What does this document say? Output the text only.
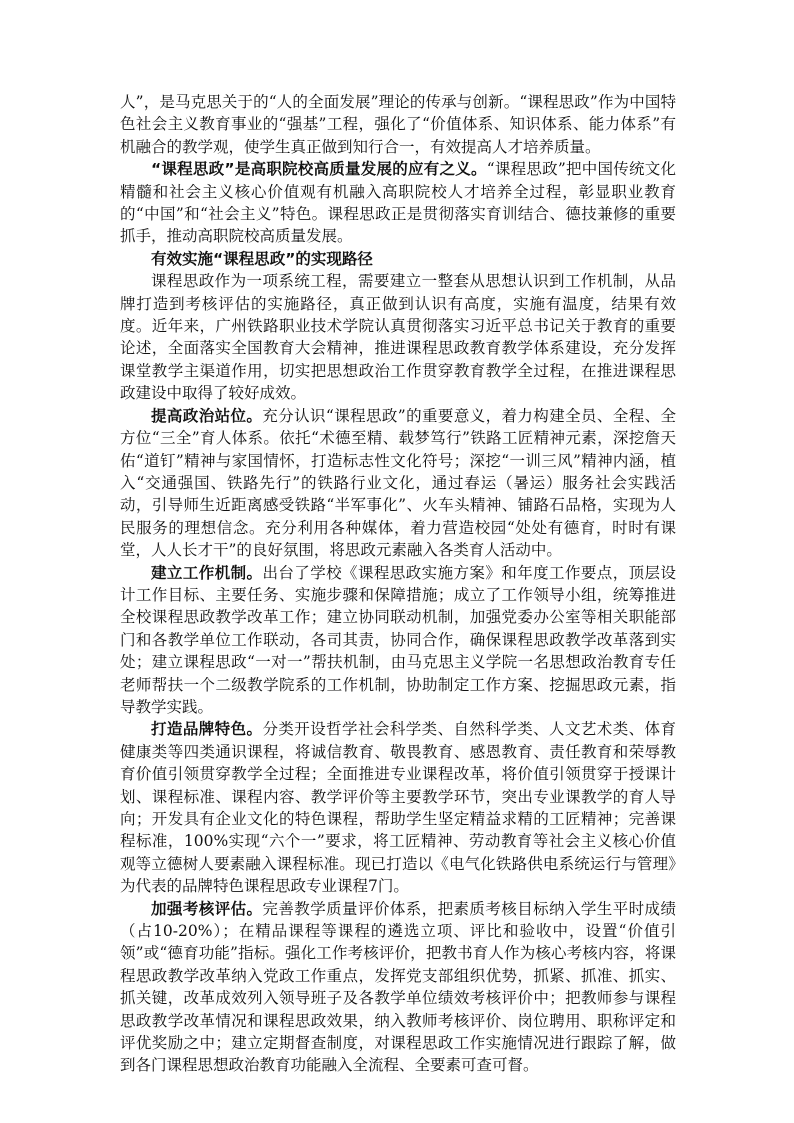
人”，是马克思关于的“人的全面发展”理论的传承与创新。“课程思政”作为中国特色社会主义教育事业的“强基”工程，强化了“价值体系、知识体系、能力体系”有机融合的教学观，使学生真正做到知行合一，有效提高人才培养质量。

“课程思政”是高职院校高质量发展的应有之义。“课程思政”把中国传统文化精髓和社会主义核心价值观有机融入高职院校人才培养全过程，彰显职业教育的“中国”和“社会主义”特色。课程思政正是贯彻落实育训结合、德技兼修的重要抓手，推动高职院校高质量发展。

有效实施“课程思政”的实现路径

课程思政作为一项系统工程，需要建立一整套从思想认识到工作机制，从品牌打造到考核评估的实施路径，真正做到认识有高度，实施有温度，结果有效度。近年来，广州铁路职业技术学院认真贯彻落实习近平总书记关于教育的重要论述，全面落实全国教育大会精神，推进课程思政教育教学体系建设，充分发挥课堂教学主渠道作用，切实把思想政治工作贯穿教育教学全过程，在推进课程思政建设中取得了较好成效。

提高政治站位。充分认识“课程思政”的重要意义，着力构建全员、全程、全方位“三全”育人体系。依托“术德至精、载梦笃行”铁路工匠精神元素，深挖詹天佑“道钉”精神与家国情怀，打造标志性文化符号；深挖“一训三风”精神内涵，植入“交通强国、铁路先行”的铁路行业文化，通过春运（暑运）服务社会实践活动，引导师生近距离感受铁路“半军事化”、火车头精神、铺路石品格，实现为人民服务的理想信念。充分利用各种媒体，着力营造校园“处处有德育，时时有课堂，人人长才干”的良好氛围，将思政元素融入各类育人活动中。

建立工作机制。出台了学校《课程思政实施方案》和年度工作要点，顶层设计工作目标、主要任务、实施步骤和保障措施；成立了工作领导小组，统筹推进全校课程思政教学改革工作；建立协同联动机制，加强党委办公室等相关职能部门和各教学单位工作联动，各司其责，协同合作，确保课程思政教学改革落到实处；建立课程思政“一对一”帮扶机制，由马克思主义学院一名思想政治教育专任老师帮扶一个二级教学院系的工作机制，协助制定工作方案、挖掘思政元素，指导教学实践。

打造品牌特色。分类开设哲学社会科学类、自然科学类、人文艺术类、体育健康类等四类通识课程，将诚信教育、敬畏教育、感恩教育、责任教育和荣辱教育价值引领贯穿教学全过程；全面推进专业课程改革，将价值引领贯穿于授课计划、课程标准、课程内容、教学评价等主要教学环节，突出专业课教学的育人导向；开发具有企业文化的特色课程，帮助学生坚定精益求精的工匠精神；完善课程标准，100%实现“六个一”要求，将工匠精神、劳动教育等社会主义核心价值观等立德树人要素融入课程标准。现已打造以《电气化铁路供电系统运行与管理》为代表的品牌特色课程思政专业课程7门。

加强考核评估。完善教学质量评价体系，把素质考核目标纳入学生平时成绩（占10-20%）；在精品课程等课程的遴选立项、评比和验收中，设置“价值引领”或“德育功能”指标。强化工作考核评价，把教书育人作为核心考核内容，将课程思政教学改革纳入党政工作重点，发挥党支部组织优势，抓紧、抓准、抓实、抓关键，改革成效列入领导班子及各教学单位绩效考核评价中；把教师参与课程思政教学改革情况和课程思政效果，纳入教师考核评价、岗位聘用、职称评定和评优奖励之中；建立定期督查制度，对课程思政工作实施情况进行跟踪了解，做到各门课程思想政治教育功能融入全流程、全要素可查可督。
